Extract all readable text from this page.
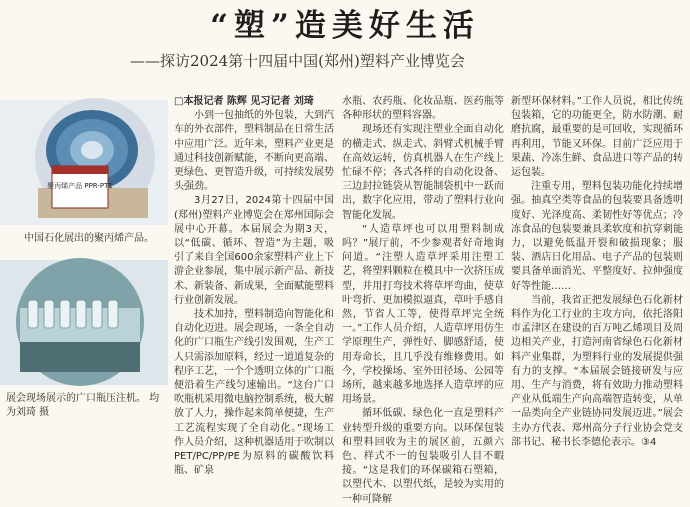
“塑”造美好生活
——探访2024第十四届中国(郑州)塑料产业博览会
聚丙烯产品 PPR-PT1
中国石化展出的聚丙烯产品。
展会现场展示的广口瓶压注机。 均为刘琦 摄

□本报记者 陈辉 见习记者 刘琦

小到一包抽纸的外包装，大到汽车的外衣部件，塑料制品在日常生活中应用广泛。近年来，塑料产业更是通过科技创新赋能，不断向更高端、更绿色、更智造升级，可持续发展势头强劲。

3月27日，2024第十四届中国(郑州)塑料产业博览会在郑州国际会展中心开幕。本届展会为期3天，以“低碳、循环、智造”为主题，吸引了来自全国600余家塑料产业上下游企业参展，集中展示新产品、新技术、新装备、新成果，全面赋能塑料行业创新发展。

技术加持，塑料制造向智能化和自动化迈进。展会现场，一条全自动化的广口瓶生产线引发围观，生产工人只需添加原料，经过一道道复杂的程序工艺，一个个透明立体的广口瓶便沿着生产线匀速输出。“这台广口吹瓶机采用微电脑控制系统，极大解放了人力，操作起来简单便捷，生产工艺流程实现了全自动化。”现场工作人员介绍，这种机器适用于吹制以PET/PC/PP/PE为原料的碳酸饮料瓶、矿泉

水瓶、农药瓶、化妆品瓶、医药瓶等各种形状的塑料容器。

现场还有实现注塑业全面自动化的横走式、纵走式、斜臂式机械手臂在高效运转，仿真机器人在生产线上忙碌不停；各式各样的自动化设备、三边封拉链袋从智能制袋机中一跃而出，数字化应用，带动了塑料行业向智能化发展。

“人造草坪也可以用塑料制成吗？”展厅前，不少参观者好奇地询问道。“注塑人造草坪采用注塑工艺，将塑料颗粒在模具中一次挤压成型，并用打弯技术将草坪弯曲，使草叶弯折、更加模拟逼真，草叶手感自然，节省人工等，使得草坪完全统一。”工作人员介绍，人造草坪用仿生学原理生产，弹性好、脚感舒适，使用寿命长，且几乎没有维修费用。如今，学校操场、室外田径场、公园等场所，越来越多地选择人造草坪的应用场景。

循环低碳、绿色化一直是塑料产业转型升级的重要方向。以环保包装和塑料回收为主的展区前，五颜六色、样式不一的包装吸引人目不暇接。“这是我们的环保碳箱石塑箱，以塑代木、以塑代纸，是较为实用的一种可降解

新型环保材料。”工作人员说，相比传统包装箱，它的功能更全，防水防潮、耐磨抗腐，最重要的是可回收，实现循环再利用，节能又环保。目前广泛应用于果蔬、冷冻生鲜、食品进口等产品的转运包装。

注重专用，塑料包装功能化持续增强。抽真空类等食品的包装要具备透明度好、光泽度高、柔韧性好等优点；冷冻食品的包装要兼具柔软度和抗穿刺能力，以避免低温开裂和破损现象；服装、酒店日化用品、电子产品的包装则要具备单面消光、平整度好、拉伸强度好等性能……

当前，我省正把发展绿色石化新材料作为化工行业的主攻方向，依托洛阳市孟津区在建设的百万吨乙烯项目及周边相关产业，打造河南省绿色石化新材料产业集群，为塑料行业的发展提供强有力的支撑。“本届展会链接研发与应用、生产与消费，将有效助力推动塑料产业从低端生产向高端智造转变，从单一品类向全产业链协同发展迈进。”展会主办方代表、郑州高分子行业协会党支部书记、秘书长李德伦表示。③4
